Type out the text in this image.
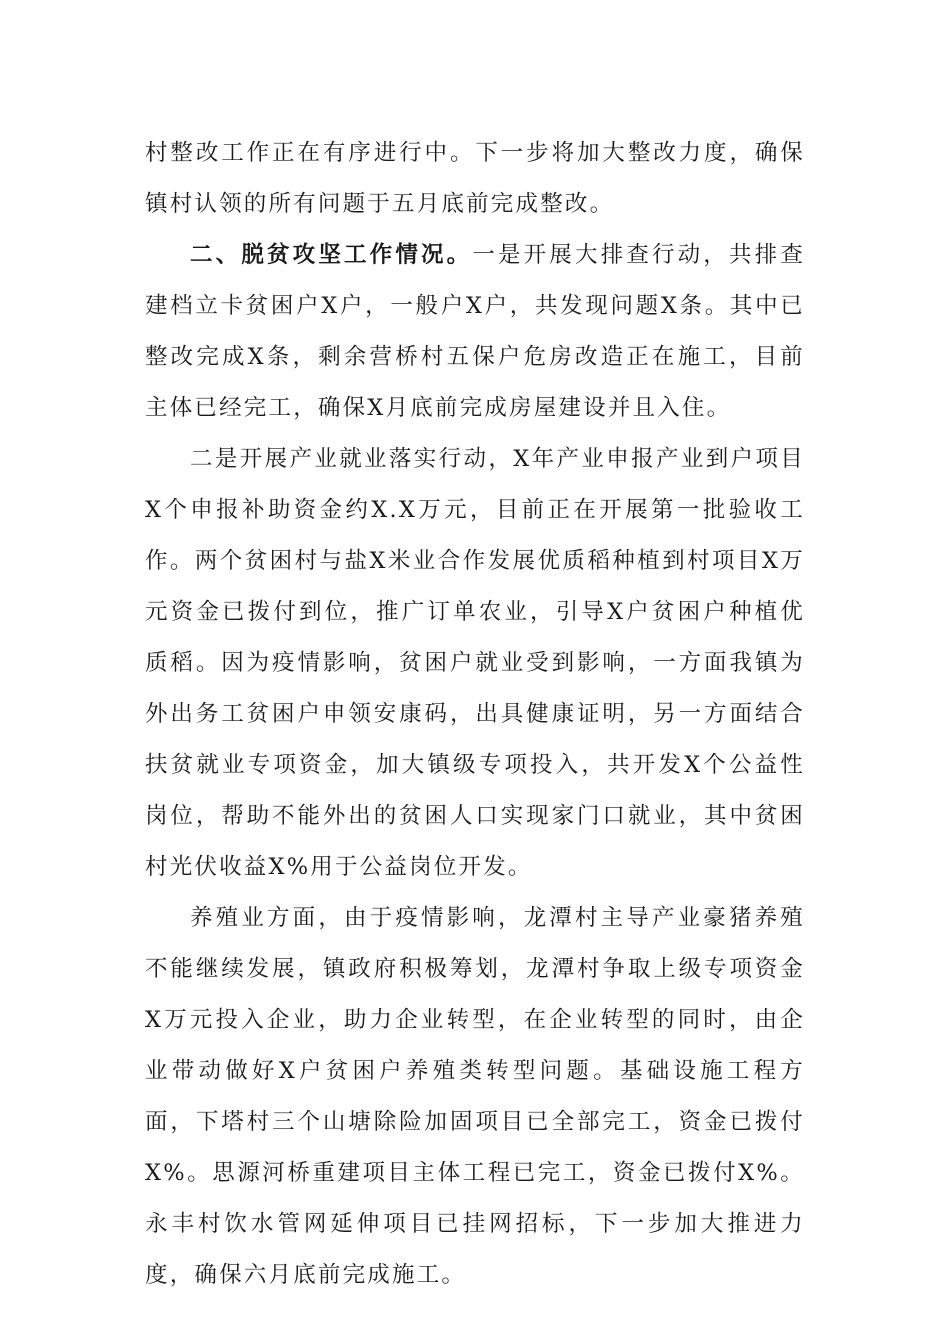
村整改工作正在有序进行中。下一步将加大整改力度，确保镇村认领的所有问题于五月底前完成整改。

二、脱贫攻坚工作情况。一是开展大排查行动，共排查建档立卡贫困户X户，一般户X户，共发现问题X条。其中已整改完成X条，剩余营桥村五保户危房改造正在施工，目前主体已经完工，确保X月底前完成房屋建设并且入住。

二是开展产业就业落实行动，X年产业申报产业到户项目X个申报补助资金约X.X万元，目前正在开展第一批验收工作。两个贫困村与盐X米业合作发展优质稻种植到村项目X万元资金已拨付到位，推广订单农业，引导X户贫困户种植优质稻。因为疫情影响，贫困户就业受到影响，一方面我镇为外出务工贫困户申领安康码，出具健康证明，另一方面结合扶贫就业专项资金，加大镇级专项投入，共开发X个公益性岗位，帮助不能外出的贫困人口实现家门口就业，其中贫困村光伏收益X%用于公益岗位开发。

养殖业方面，由于疫情影响，龙潭村主导产业豪猪养殖不能继续发展，镇政府积极筹划，龙潭村争取上级专项资金X万元投入企业，助力企业转型，在企业转型的同时，由企业带动做好X户贫困户养殖类转型问题。基础设施工程方面，下塔村三个山塘除险加固项目已全部完工，资金已拨付X%。思源河桥重建项目主体工程已完工，资金已拨付X%。永丰村饮水管网延伸项目已挂网招标，下一步加大推进力度，确保六月底前完成施工。
